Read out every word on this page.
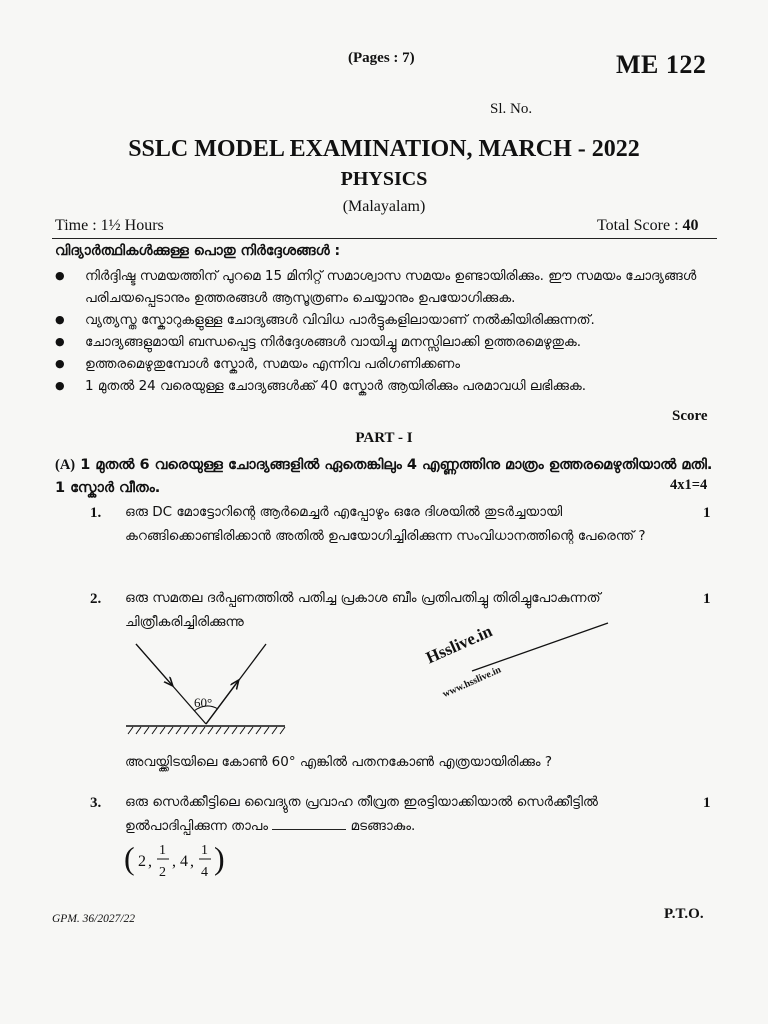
(Pages : 7)	ME 122
Sl. No.
SSLC MODEL EXAMINATION, MARCH - 2022
PHYSICS
(Malayalam)
Time : 1½ Hours	Total Score : 40
വിദ്യാർത്ഥികൾക്കുള്ള പൊതു നിർദ്ദേശങ്ങൾ :
●	നിർദ്ദിഷ്ട സമയത്തിന് പുറമെ 15 മിനിറ്റ് സമാശ്വാസ സമയം ഉണ്ടായിരിക്കും. ഈ സമയം ചോദ്യങ്ങൾ പരിചയപ്പെടാനും ഉത്തരങ്ങൾ ആസൂത്രണം ചെയ്യാനും ഉപയോഗിക്കുക.
●	വ്യത്യസ്ത സ്കോറുകളുള്ള ചോദ്യങ്ങൾ വിവിധ പാർട്ടുകളിലായാണ് നൽകിയിരിക്കുന്നത്.
●	ചോദ്യങ്ങളുമായി ബന്ധപ്പെട്ട നിർദ്ദേശങ്ങൾ വായിച്ചു മനസ്സിലാക്കി ഉത്തരമെഴുതുക.
●	ഉത്തരമെഴുതുമ്പോൾ സ്കോർ, സമയം എന്നിവ പരിഗണിക്കണം
●	1 മുതൽ 24 വരെയുള്ള ചോദ്യങ്ങൾക്ക് 40 സ്കോർ ആയിരിക്കും പരമാവധി ലഭിക്കുക.
Score
PART - I
(A) 1 മുതൽ 6 വരെയുള്ള ചോദ്യങ്ങളിൽ ഏതെങ്കിലും 4 എണ്ണത്തിനു മാത്രം ഉത്തരമെഴുതിയാൽ മതി. 1 സ്കോർ വീതം.	4x1=4
1. ഒരു DC മോട്ടോറിന്റെ ആർമെച്ചർ എപ്പോഴും ഒരേ ദിശയിൽ തുടർച്ചയായി കറങ്ങിക്കൊണ്ടിരിക്കാൻ അതിൽ ഉപയോഗിച്ചിരിക്കുന്ന സംവിധാനത്തിന്റെ പേരെന്ത് ?
1
2. ഒരു സമതല ദർപ്പണത്തിൽ പതിച്ച പ്രകാശ ബീം പ്രതിപതിച്ചു തിരിച്ചുപോകുന്നത് ചിത്രീകരിച്ചിരിക്കുന്നു
1
60°
അവയ്ക്കിടയിലെ കോൺ 60° എങ്കിൽ പതനകോൺ എത്രയായിരിക്കും ?
Hsslive.in
www.hsslive.in
3. ഒരു സെർക്കീട്ടിലെ വൈദ്യുത പ്രവാഹ തീവ്രത ഇരട്ടിയാക്കിയാൽ സെർക്കീട്ടിൽ ഉൽപാദിപ്പിക്കുന്ന താപം	മടങ്ങാകും.
1
( 2 ,
1
2
, 4 ,
1
4 )
GPM. 36/2027/22	P.T.O.
